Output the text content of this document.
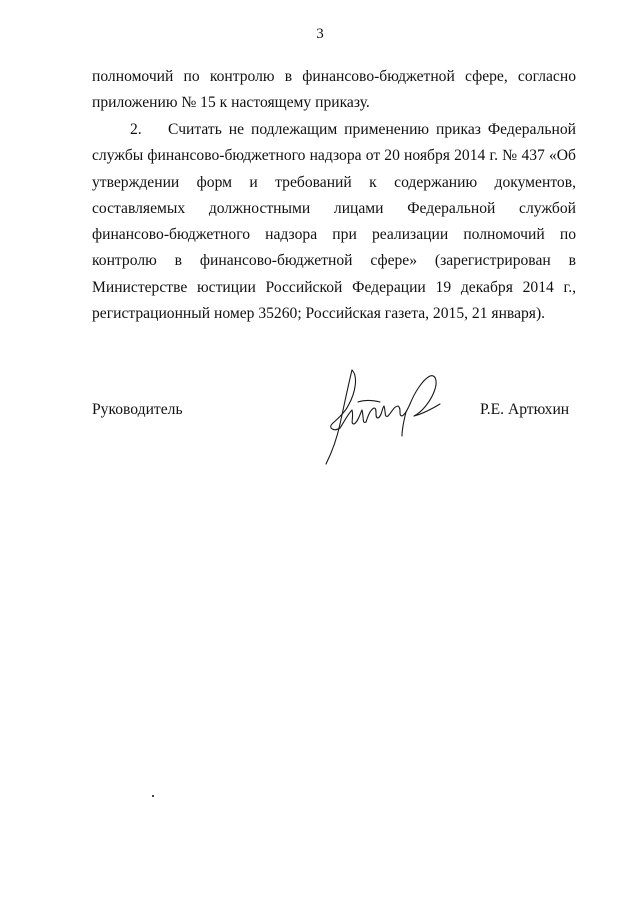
3
полномочий по контролю в финансово-бюджетной сфере, согласно приложению № 15 к настоящему приказу.
2. Считать не подлежащим применению приказ Федеральной службы финансово-бюджетного надзора от 20 ноября 2014 г. № 437 «Об утверждении форм и требований к содержанию документов, составляемых должностными лицами Федеральной службой финансово-бюджетного надзора при реализации полномочий по контролю в финансово-бюджетной сфере» (зарегистрирован в Министерстве юстиции Российской Федерации 19 декабря 2014 г., регистрационный номер 35260; Российская газета, 2015, 21 января).
Руководитель	Р.Е. Артюхин
